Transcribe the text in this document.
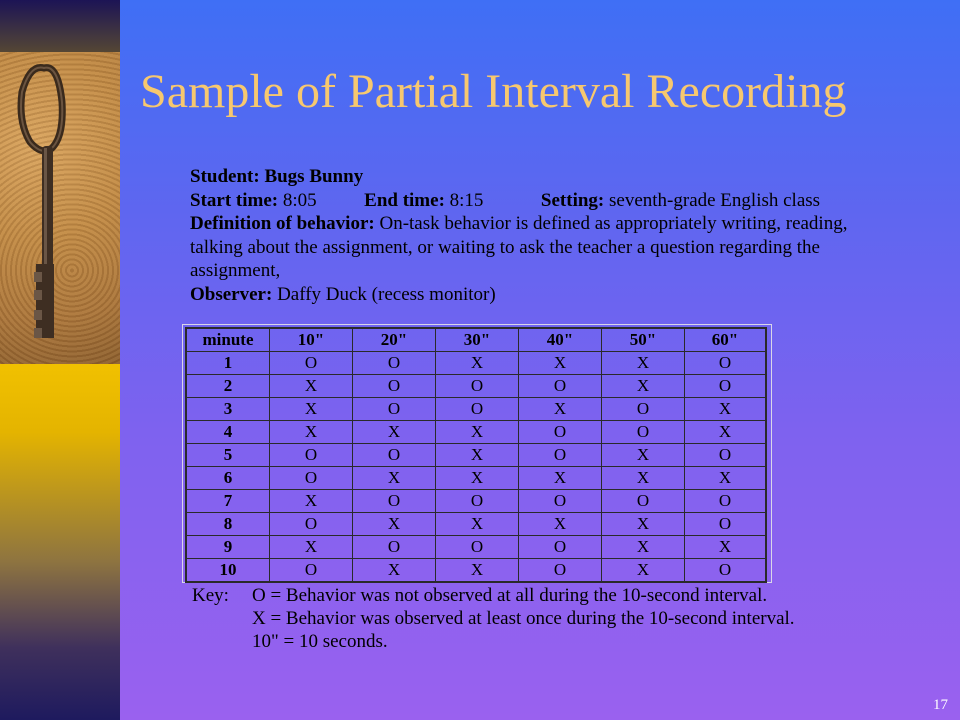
Sample of Partial Interval Recording
Student: Bugs Bunny
Start time: 8:05	End time: 8:15	Setting: seventh-grade English class
Definition of behavior: On-task behavior is defined as appropriately writing, reading,
talking about the assignment, or waiting to ask the teacher a question regarding the
assignment,
Observer: Daffy Duck (recess monitor)
minute	10"	20"	30"	40"	50"	60"
1	O	O	X	X	X	O
2	X	O	O	O	X	O
3	X	O	O	X	O	X
4	X	X	X	O	O	X
5	O	O	X	O	X	O
6	O	X	X	X	X	X
7	X	O	O	O	O	O
8	O	X	X	X	X	O
9	X	O	O	O	X	X
10	O	X	X	O	X	O
Key: O = Behavior was not observed at all during the 10-second interval.
X = Behavior was observed at least once during the 10-second interval.
10" = 10 seconds.
17
